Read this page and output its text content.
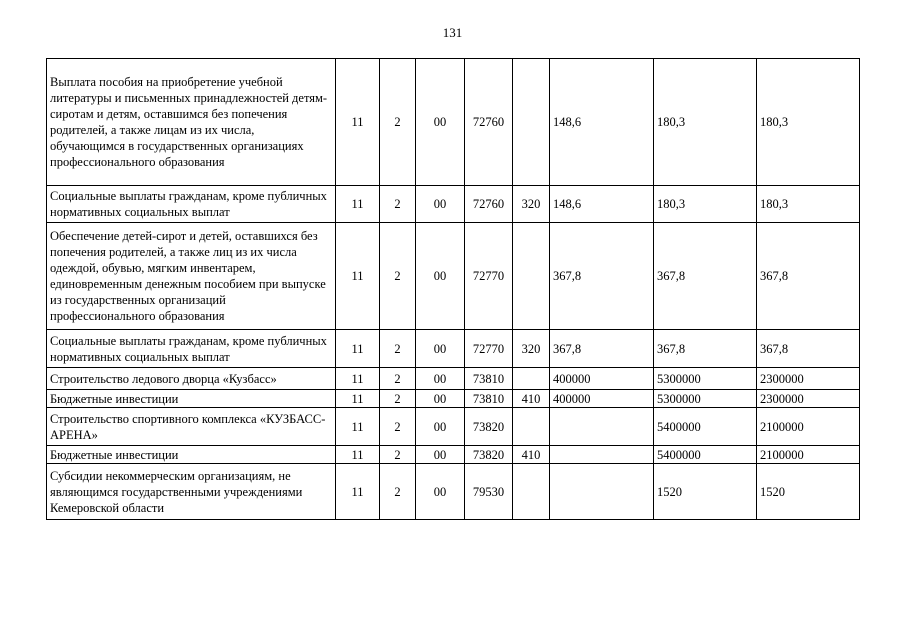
131
Выплата пособия на приобретение учебной литературы и письменных принадлежностей детям-сиротам и детям, оставшимся без попечения родителей, а также лицам из их числа, обучающимся в государственных организациях профессионального образования	11	2	00	72760		148,6	180,3	180,3
Социальные выплаты гражданам, кроме публичных нормативных социальных выплат	11	2	00	72760	320	148,6	180,3	180,3
Обеспечение детей-сирот и детей, оставшихся без попечения родителей, а также лиц из их числа одеждой, обувью, мягким инвентарем, единовременным денежным пособием при выпуске из государственных организаций профессионального образования	11	2	00	72770		367,8	367,8	367,8
Социальные выплаты гражданам, кроме публичных нормативных социальных выплат	11	2	00	72770	320	367,8	367,8	367,8
Строительство ледового дворца «Кузбасс»	11	2	00	73810		400000	5300000	2300000
Бюджетные инвестиции	11	2	00	73810	410	400000	5300000	2300000
Строительство спортивного комплекса «КУЗБАСС-АРЕНА»	11	2	00	73820			5400000	2100000
Бюджетные инвестиции	11	2	00	73820	410		5400000	2100000
Субсидии некоммерческим организациям, не являющимся государственными учреждениями Кемеровской области	11	2	00	79530			1520	1520
